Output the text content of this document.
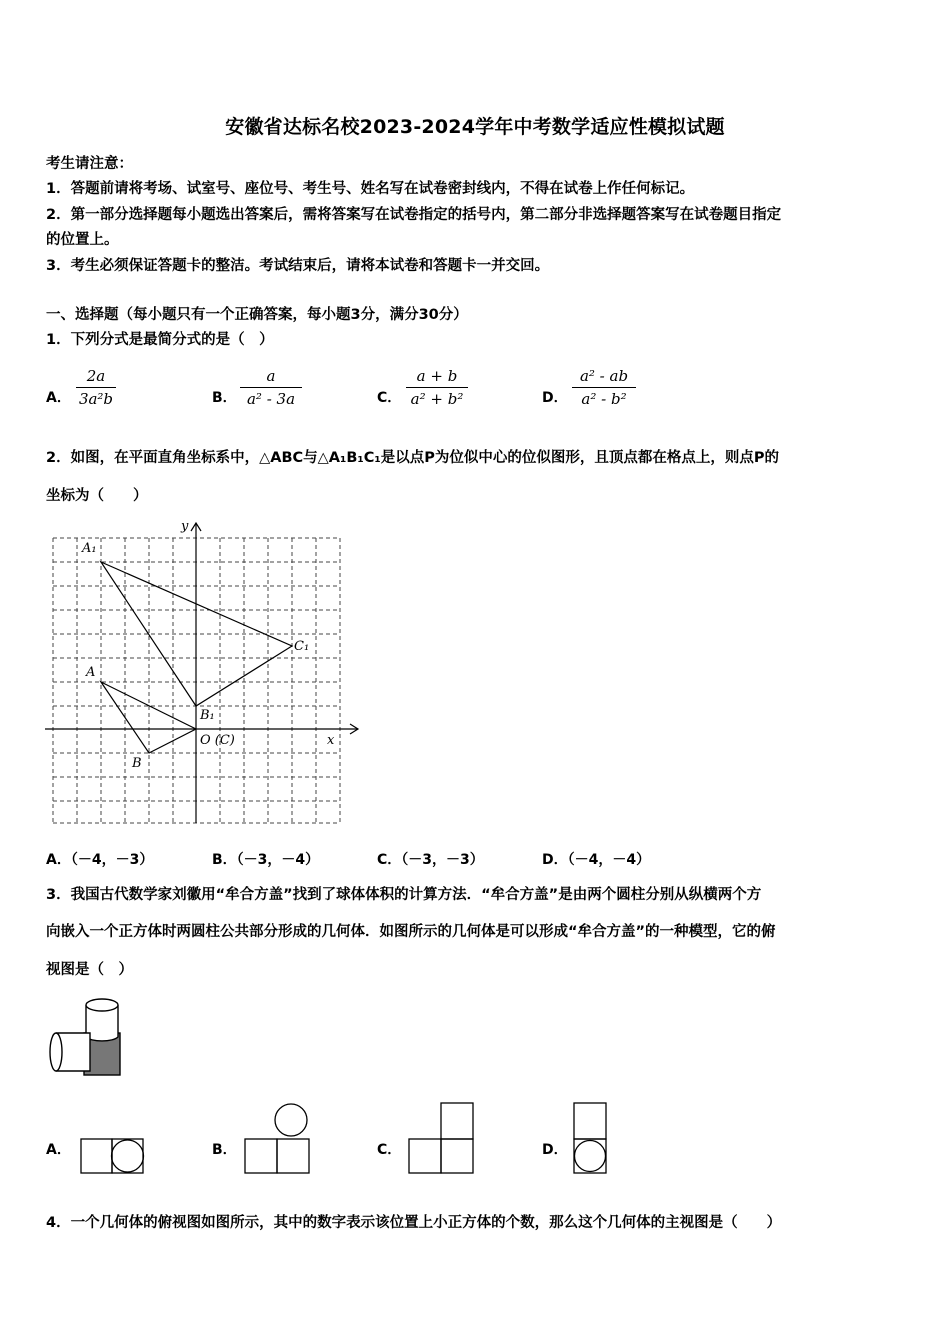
安徽省达标名校2023-2024学年中考数学适应性模拟试题
考生请注意：
1．答题前请将考场、试室号、座位号、考生号、姓名写在试卷密封线内，不得在试卷上作任何标记。
2．第一部分选择题每小题选出答案后，需将答案写在试卷指定的括号内，第二部分非选择题答案写在试卷题目指定
的位置上。
3．考生必须保证答题卡的整洁。考试结束后，请将本试卷和答题卡一并交回。
一、选择题（每小题只有一个正确答案，每小题3分，满分30分）
1．下列分式是最简分式的是（　）
A．
2a
3a²b	B．
a
a² - 3a	C．
a + b
a² + b²	D．
a² - ab
a² - b²
2．如图，在平面直角坐标系中，△ABC与△A₁B₁C₁是以点P为位似中心的位似图形，且顶点都在格点上，则点P的
坐标为（　　）
A₁
C₁
A
B₁
O (C)
B
x
y
A．（－4，－3）	B．（－3，－4）	C．（－3，－3）	D．（－4，－4）
3．我国古代数学家刘徽用“牟合方盖”找到了球体体积的计算方法．“牟合方盖”是由两个圆柱分别从纵横两个方
向嵌入一个正方体时两圆柱公共部分形成的几何体．如图所示的几何体是可以形成“牟合方盖”的一种模型，它的俯
视图是（　）
A．	B．	C．	D．
4．一个几何体的俯视图如图所示，其中的数字表示该位置上小正方体的个数，那么这个几何体的主视图是（　　）
